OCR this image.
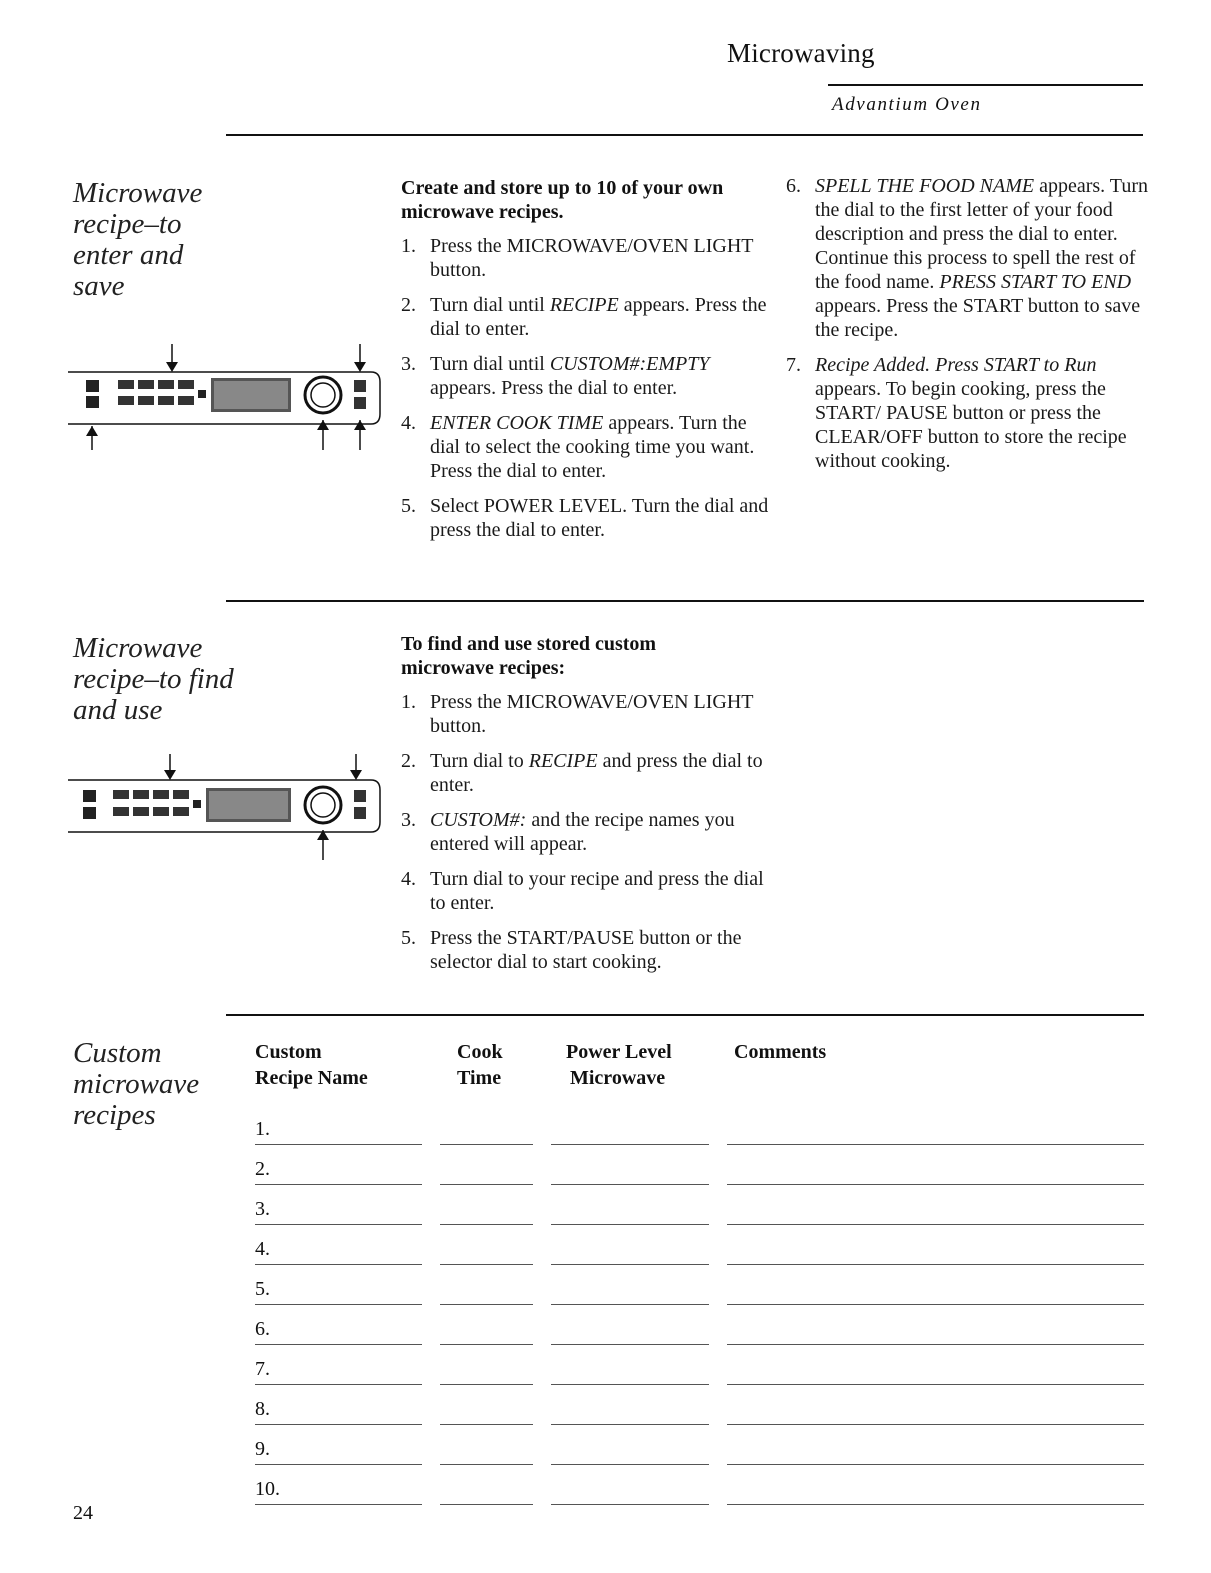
Microwaving
Advantium Oven
Microwave
recipe–to
enter and
save
Create and store up to 10 of your own microwave recipes.
1. Press the MICROWAVE/OVEN LIGHT button.
2. Turn dial until RECIPE appears. Press the dial to enter.
3. Turn dial until CUSTOM#:EMPTY appears. Press the dial to enter.
4. ENTER COOK TIME appears. Turn the dial to select the cooking time you want. Press the dial to enter.
5. Select POWER LEVEL. Turn the dial and press the dial to enter.
6. SPELL THE FOOD NAME appears. Turn the dial to the first letter of your food description and press the dial to enter. Continue this process to spell the rest of the food name. PRESS START TO END appears. Press the START button to save the recipe.
7. Recipe Added. Press START to Run appears. To begin cooking, press the START/ PAUSE button or press the CLEAR/OFF button to store the recipe without cooking.
Microwave
recipe–to find
and use
To find and use stored custom microwave recipes:
1. Press the MICROWAVE/OVEN LIGHT button.
2. Turn dial to RECIPE and press the dial to enter.
3. CUSTOM#: and the recipe names you entered will appear.
4. Turn dial to your recipe and press the dial to enter.
5. Press the START/PAUSE button or the selector dial to start cooking.
Custom
microwave
recipes
Custom
Recipe Name
Cook
Time
Power Level
Microwave
Comments
1.
2.
3.
4.
5.
6.
7.
8.
9.
10.
24
